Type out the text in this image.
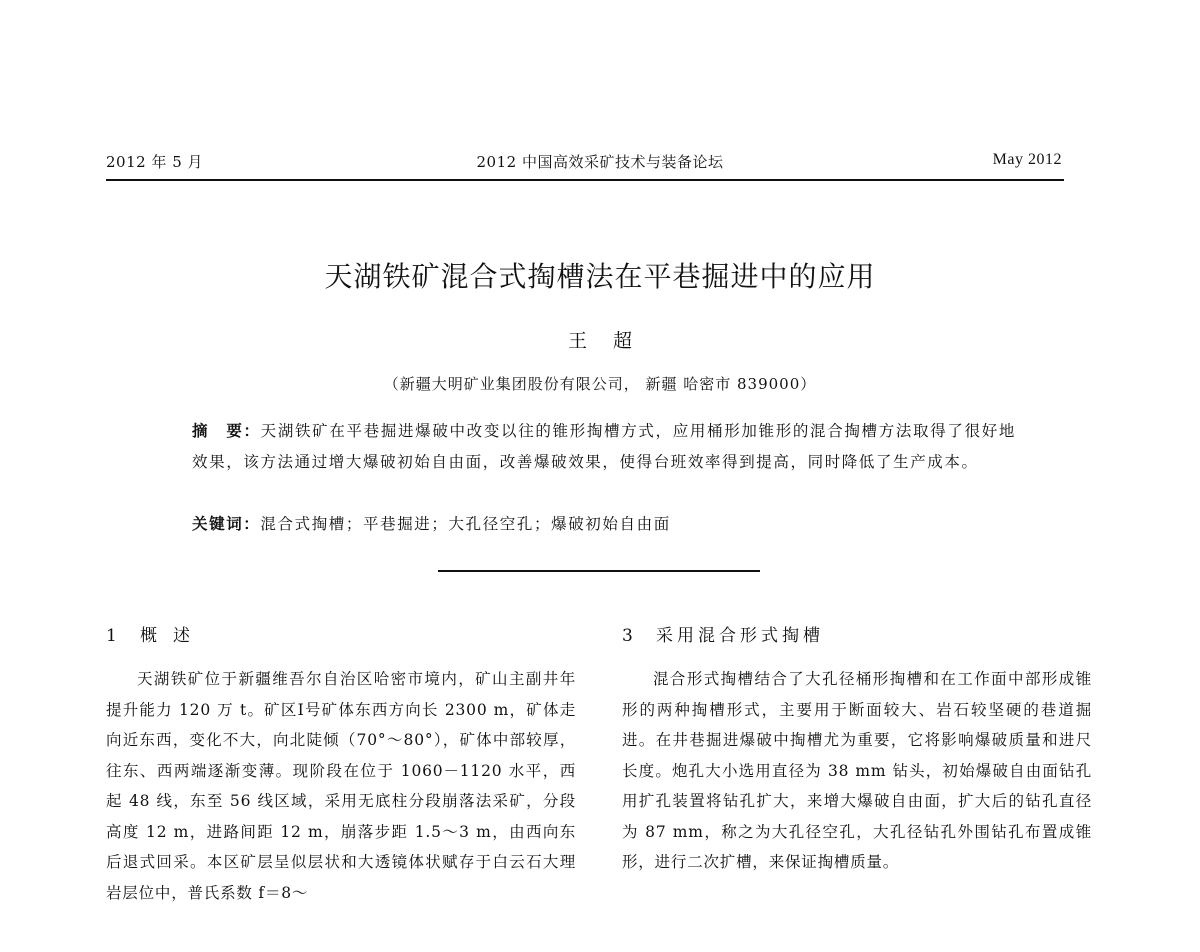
2012 年 5 月	2012 中国高效采矿技术与装备论坛	May 2012
天湖铁矿混合式掏槽法在平巷掘进中的应用
王超
（新疆大明矿业集团股份有限公司， 新疆 哈密市 839000）
摘　要：天湖铁矿在平巷掘进爆破中改变以往的锥形掏槽方式，应用桶形加锥形的混合掏槽方法取得了很好地效果，该方法通过增大爆破初始自由面，改善爆破效果，使得台班效率得到提高，同时降低了生产成本。
关键词：混合式掏槽；平巷掘进；大孔径空孔；爆破初始自由面
1 概述	3 采用混合形式掏槽

天湖铁矿位于新疆维吾尔自治区哈密市境内，矿山主副井年提升能力 120 万 t。矿区Ⅰ号矿体东西方向长 2300 m，矿体走向近东西，变化不大，向北陡倾（70°～80°），矿体中部较厚，往东、西两端逐渐变薄。现阶段在位于 1060－1120 水平，西起 48 线，东至 56 线区域，采用无底柱分段崩落法采矿，分段高度 12 m，进路间距 12 m，崩落步距 1.5～3 m，由西向东后退式回采。本区矿层呈似层状和大透镜体状赋存于白云石大理岩层位中，普氏系数 f＝8～

混合形式掏槽结合了大孔径桶形掏槽和在工作面中部形成锥形的两种掏槽形式，主要用于断面较大、岩石较坚硬的巷道掘进。在井巷掘进爆破中掏槽尤为重要，它将影响爆破质量和进尺长度。炮孔大小选用直径为 38 mm 钻头，初始爆破自由面钻孔用扩孔装置将钻孔扩大，来增大爆破自由面，扩大后的钻孔直径为 87 mm，称之为大孔径空孔，大孔径钻孔外围钻孔布置成锥形，进行二次扩槽，来保证掏槽质量。
